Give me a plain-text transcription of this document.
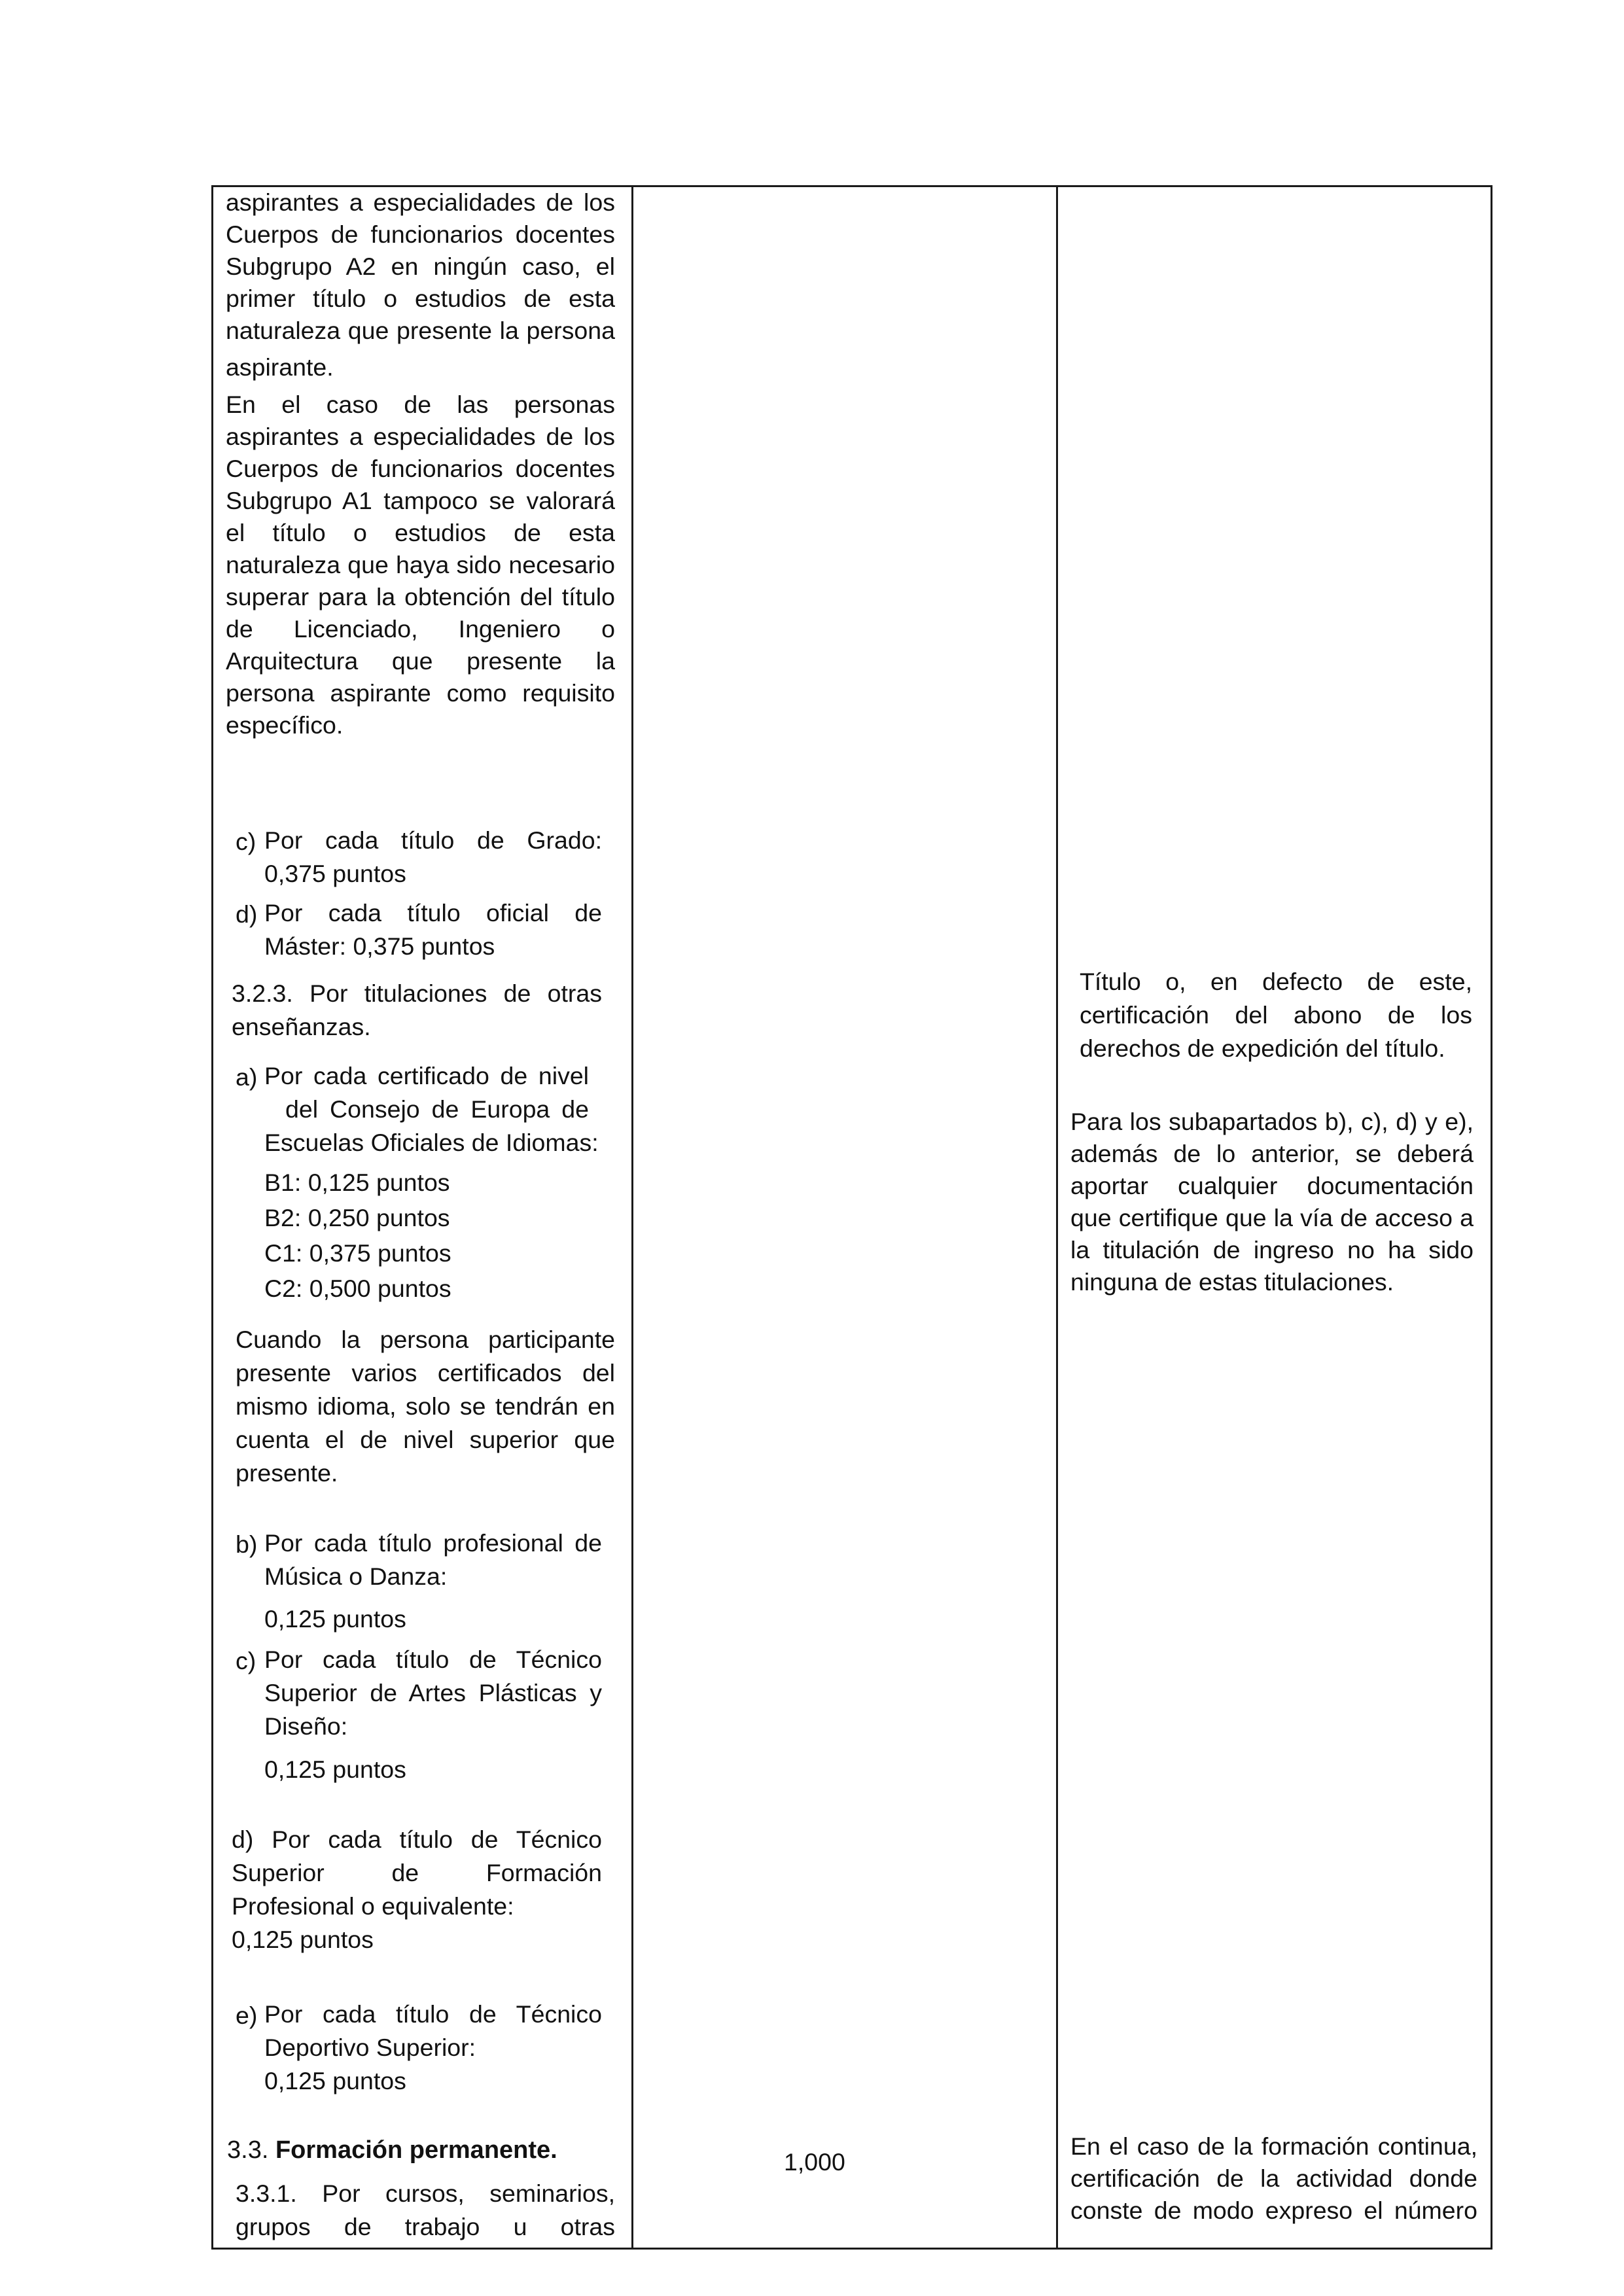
aspirantes a especialidades de los
Cuerpos de funcionarios docentes
Subgrupo A2 en ningún caso, el
primer título o estudios de esta
naturaleza que presente la persona
aspirante.
En el caso de las personas
aspirantes a especialidades de los
Cuerpos de funcionarios docentes
Subgrupo A1 tampoco se valorará
el título o estudios de esta
naturaleza que haya sido necesario
superar para la obtención del título
de Licenciado, Ingeniero o
Arquitectura que presente la
persona aspirante como requisito
específico.
c) Por cada título de Grado:
0,375 puntos
d) Por cada título oficial de
Máster: 0,375 puntos
3.2.3. Por titulaciones de otras
enseñanzas.
a) Por cada certificado de nivel
del Consejo de Europa de
Escuelas Oficiales de Idiomas:
B1: 0,125 puntos
B2: 0,250 puntos
C1: 0,375 puntos
C2: 0,500 puntos
Cuando la persona participante
presente varios certificados del
mismo idioma, solo se tendrán en
cuenta el de nivel superior que
presente.
b) Por cada título profesional de
Música o Danza:
0,125 puntos
c) Por cada título de Técnico
Superior de Artes Plásticas y
Diseño:
0,125 puntos
d) Por cada título de Técnico
Superior de Formación
Profesional o equivalente:
0,125 puntos
e) Por cada título de Técnico
Deportivo Superior:
0,125 puntos
3.3. Formación permanente.
3.3.1. Por cursos, seminarios,
grupos de trabajo u otras
1,000
Título o, en defecto de este,
certificación del abono de los
derechos de expedición del título.
Para los subapartados b), c), d) y e),
además de lo anterior, se deberá
aportar cualquier documentación
que certifique que la vía de acceso a
la titulación de ingreso no ha sido
ninguna de estas titulaciones.
En el caso de la formación continua,
certificación de la actividad donde
conste de modo expreso el número
